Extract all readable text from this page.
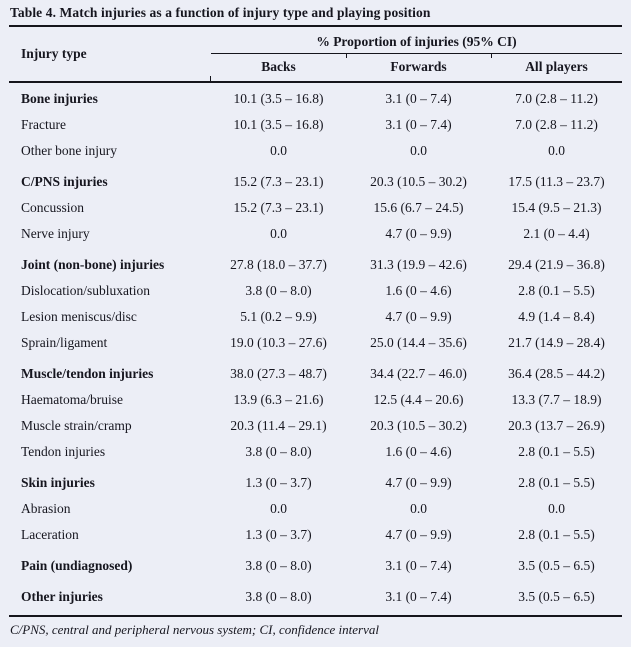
Table 4. Match injuries as a function of injury type and playing position
Injury type
% Proportion of injuries (95% CI)
Backs	Forwards	All players
Bone injuries	10.1 (3.5 – 16.8)	3.1 (0 – 7.4)	7.0 (2.8 – 11.2)
Fracture	10.1 (3.5 – 16.8)	3.1 (0 – 7.4)	7.0 (2.8 – 11.2)
Other bone injury	0.0	0.0	0.0
C/PNS injuries	15.2 (7.3 – 23.1)	20.3 (10.5 – 30.2)	17.5 (11.3 – 23.7)
Concussion	15.2 (7.3 – 23.1)	15.6 (6.7 – 24.5)	15.4 (9.5 – 21.3)
Nerve injury	0.0	4.7 (0 – 9.9)	2.1 (0 – 4.4)
Joint (non-bone) injuries	27.8 (18.0 – 37.7)	31.3 (19.9 – 42.6)	29.4 (21.9 – 36.8)
Dislocation/subluxation	3.8 (0 – 8.0)	1.6 (0 – 4.6)	2.8 (0.1 – 5.5)
Lesion meniscus/disc	5.1 (0.2 – 9.9)	4.7 (0 – 9.9)	4.9 (1.4 – 8.4)
Sprain/ligament	19.0 (10.3 – 27.6)	25.0 (14.4 – 35.6)	21.7 (14.9 – 28.4)
Muscle/tendon injuries	38.0 (27.3 – 48.7)	34.4 (22.7 – 46.0)	36.4 (28.5 – 44.2)
Haematoma/bruise	13.9 (6.3 – 21.6)	12.5 (4.4 – 20.6)	13.3 (7.7 – 18.9)
Muscle strain/cramp	20.3 (11.4 – 29.1)	20.3 (10.5 – 30.2)	20.3 (13.7 – 26.9)
Tendon injuries	3.8 (0 – 8.0)	1.6 (0 – 4.6)	2.8 (0.1 – 5.5)
Skin injuries	1.3 (0 – 3.7)	4.7 (0 – 9.9)	2.8 (0.1 – 5.5)
Abrasion	0.0	0.0	0.0
Laceration	1.3 (0 – 3.7)	4.7 (0 – 9.9)	2.8 (0.1 – 5.5)
Pain (undiagnosed)	3.8 (0 – 8.0)	3.1 (0 – 7.4)	3.5 (0.5 – 6.5)
Other injuries	3.8 (0 – 8.0)	3.1 (0 – 7.4)	3.5 (0.5 – 6.5)
C/PNS, central and peripheral nervous system; CI, confidence interval
